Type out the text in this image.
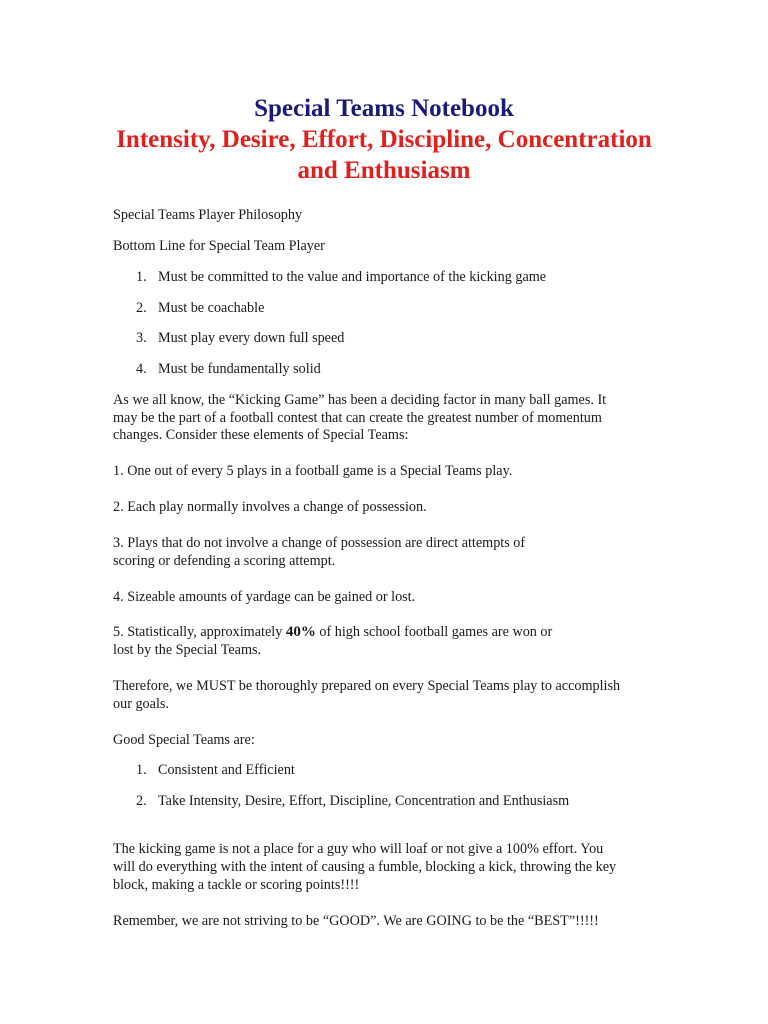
Special Teams Notebook
Intensity, Desire, Effort, Discipline, Concentration
and Enthusiasm

Special Teams Player Philosophy

Bottom Line for Special Team Player

1. Must be committed to the value and importance of the kicking game

2. Must be coachable

3. Must play every down full speed

4. Must be fundamentally solid

As we all know, the “Kicking Game” has been a deciding factor in many ball games. It

may be the part of a football contest that can create the greatest number of momentum

changes. Consider these elements of Special Teams:

1. One out of every 5 plays in a football game is a Special Teams play.

2. Each play normally involves a change of possession.

3. Plays that do not involve a change of possession are direct attempts of

scoring or defending a scoring attempt.

4. Sizeable amounts of yardage can be gained or lost.

5. Statistically, approximately 40% of high school football games are won or

lost by the Special Teams.

Therefore, we MUST be thoroughly prepared on every Special Teams play to accomplish

our goals.

Good Special Teams are:

1. Consistent and Efficient

2. Take Intensity, Desire, Effort, Discipline, Concentration and Enthusiasm

The kicking game is not a place for a guy who will loaf or not give a 100% effort. You

will do everything with the intent of causing a fumble, blocking a kick, throwing the key

block, making a tackle or scoring points!!!!

Remember, we are not striving to be “GOOD”. We are GOING to be the “BEST”!!!!!
